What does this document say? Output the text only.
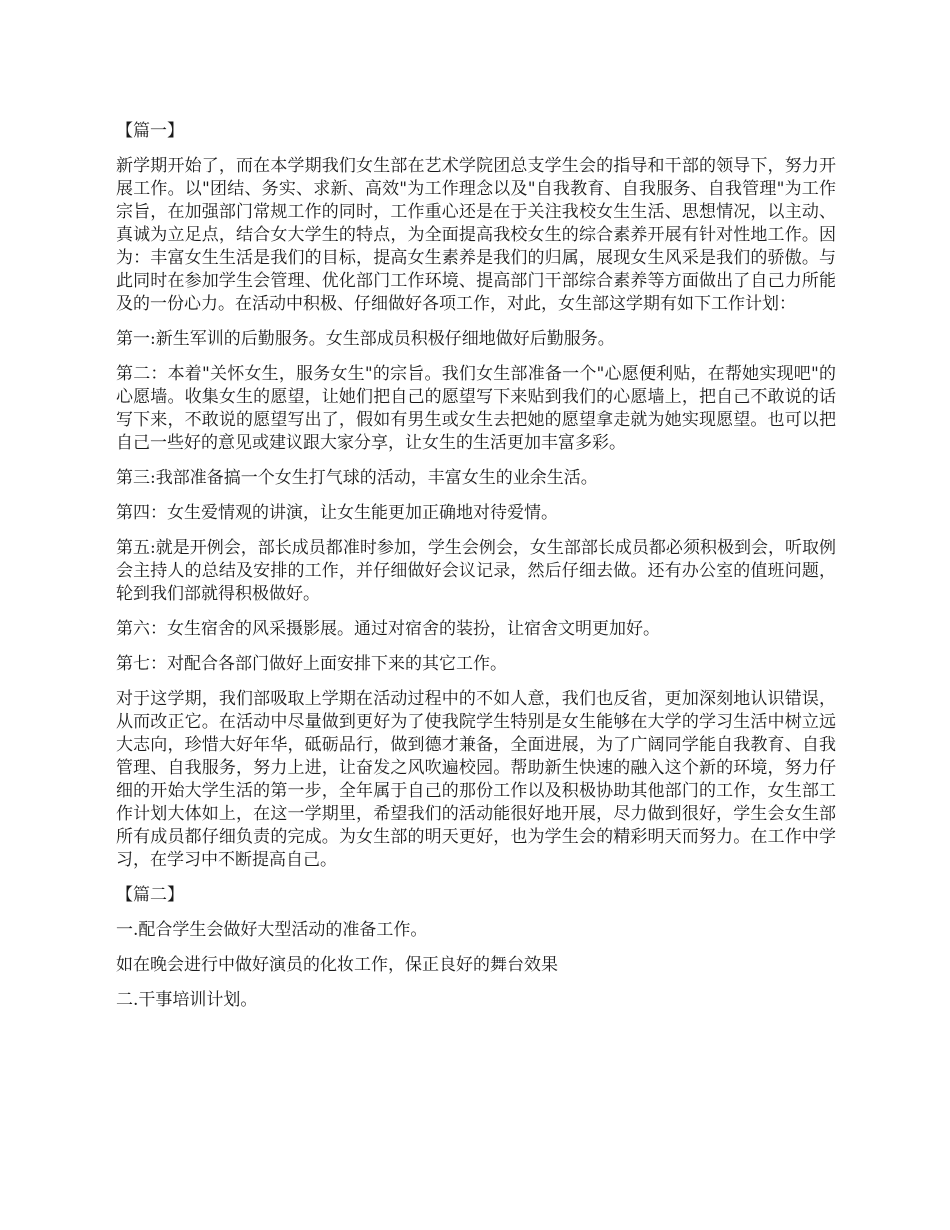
【篇一】

新学期开始了，而在本学期我们女生部在艺术学院团总支学生会的指导和干部的领导下，努力开展工作。以"团结、务实、求新、高效"为工作理念以及"自我教育、自我服务、自我管理"为工作宗旨，在加强部门常规工作的同时，工作重心还是在于关注我校女生生活、思想情况，以主动、真诚为立足点，结合女大学生的特点，为全面提高我校女生的综合素养开展有针对性地工作。因为：丰富女生生活是我们的目标，提高女生素养是我们的归属，展现女生风采是我们的骄傲。与此同时在参加学生会管理、优化部门工作环境、提高部门干部综合素养等方面做出了自己力所能及的一份心力。在活动中积极、仔细做好各项工作，对此，女生部这学期有如下工作计划：

第一:新生军训的后勤服务。女生部成员积极仔细地做好后勤服务。

第二：本着"关怀女生，服务女生"的宗旨。我们女生部准备一个"心愿便利贴，在帮她实现吧"的心愿墙。收集女生的愿望，让她们把自己的愿望写下来贴到我们的心愿墙上，把自己不敢说的话写下来，不敢说的愿望写出了，假如有男生或女生去把她的愿望拿走就为她实现愿望。也可以把自己一些好的意见或建议跟大家分享，让女生的生活更加丰富多彩。

第三:我部准备搞一个女生打气球的活动，丰富女生的业余生活。

第四：女生爱情观的讲演，让女生能更加正确地对待爱情。

第五:就是开例会，部长成员都准时参加，学生会例会，女生部部长成员都必须积极到会，听取例会主持人的总结及安排的工作，并仔细做好会议记录，然后仔细去做。还有办公室的值班问题，轮到我们部就得积极做好。

第六：女生宿舍的风采摄影展。通过对宿舍的装扮，让宿舍文明更加好。

第七：对配合各部门做好上面安排下来的其它工作。

对于这学期，我们部吸取上学期在活动过程中的不如人意，我们也反省，更加深刻地认识错误，从而改正它。在活动中尽量做到更好为了使我院学生特别是女生能够在大学的学习生活中树立远大志向，珍惜大好年华，砥砺品行，做到德才兼备，全面进展，为了广阔同学能自我教育、自我管理、自我服务，努力上进，让奋发之风吹遍校园。帮助新生快速的融入这个新的环境，努力仔细的开始大学生活的第一步，全年属于自己的那份工作以及积极协助其他部门的工作，女生部工作计划大体如上，在这一学期里，希望我们的活动能很好地开展，尽力做到很好，学生会女生部所有成员都仔细负责的完成。为女生部的明天更好，也为学生会的精彩明天而努力。在工作中学习，在学习中不断提高自己。

【篇二】

一.配合学生会做好大型活动的准备工作。

如在晚会进行中做好演员的化妆工作，保正良好的舞台效果

二.干事培训计划。
